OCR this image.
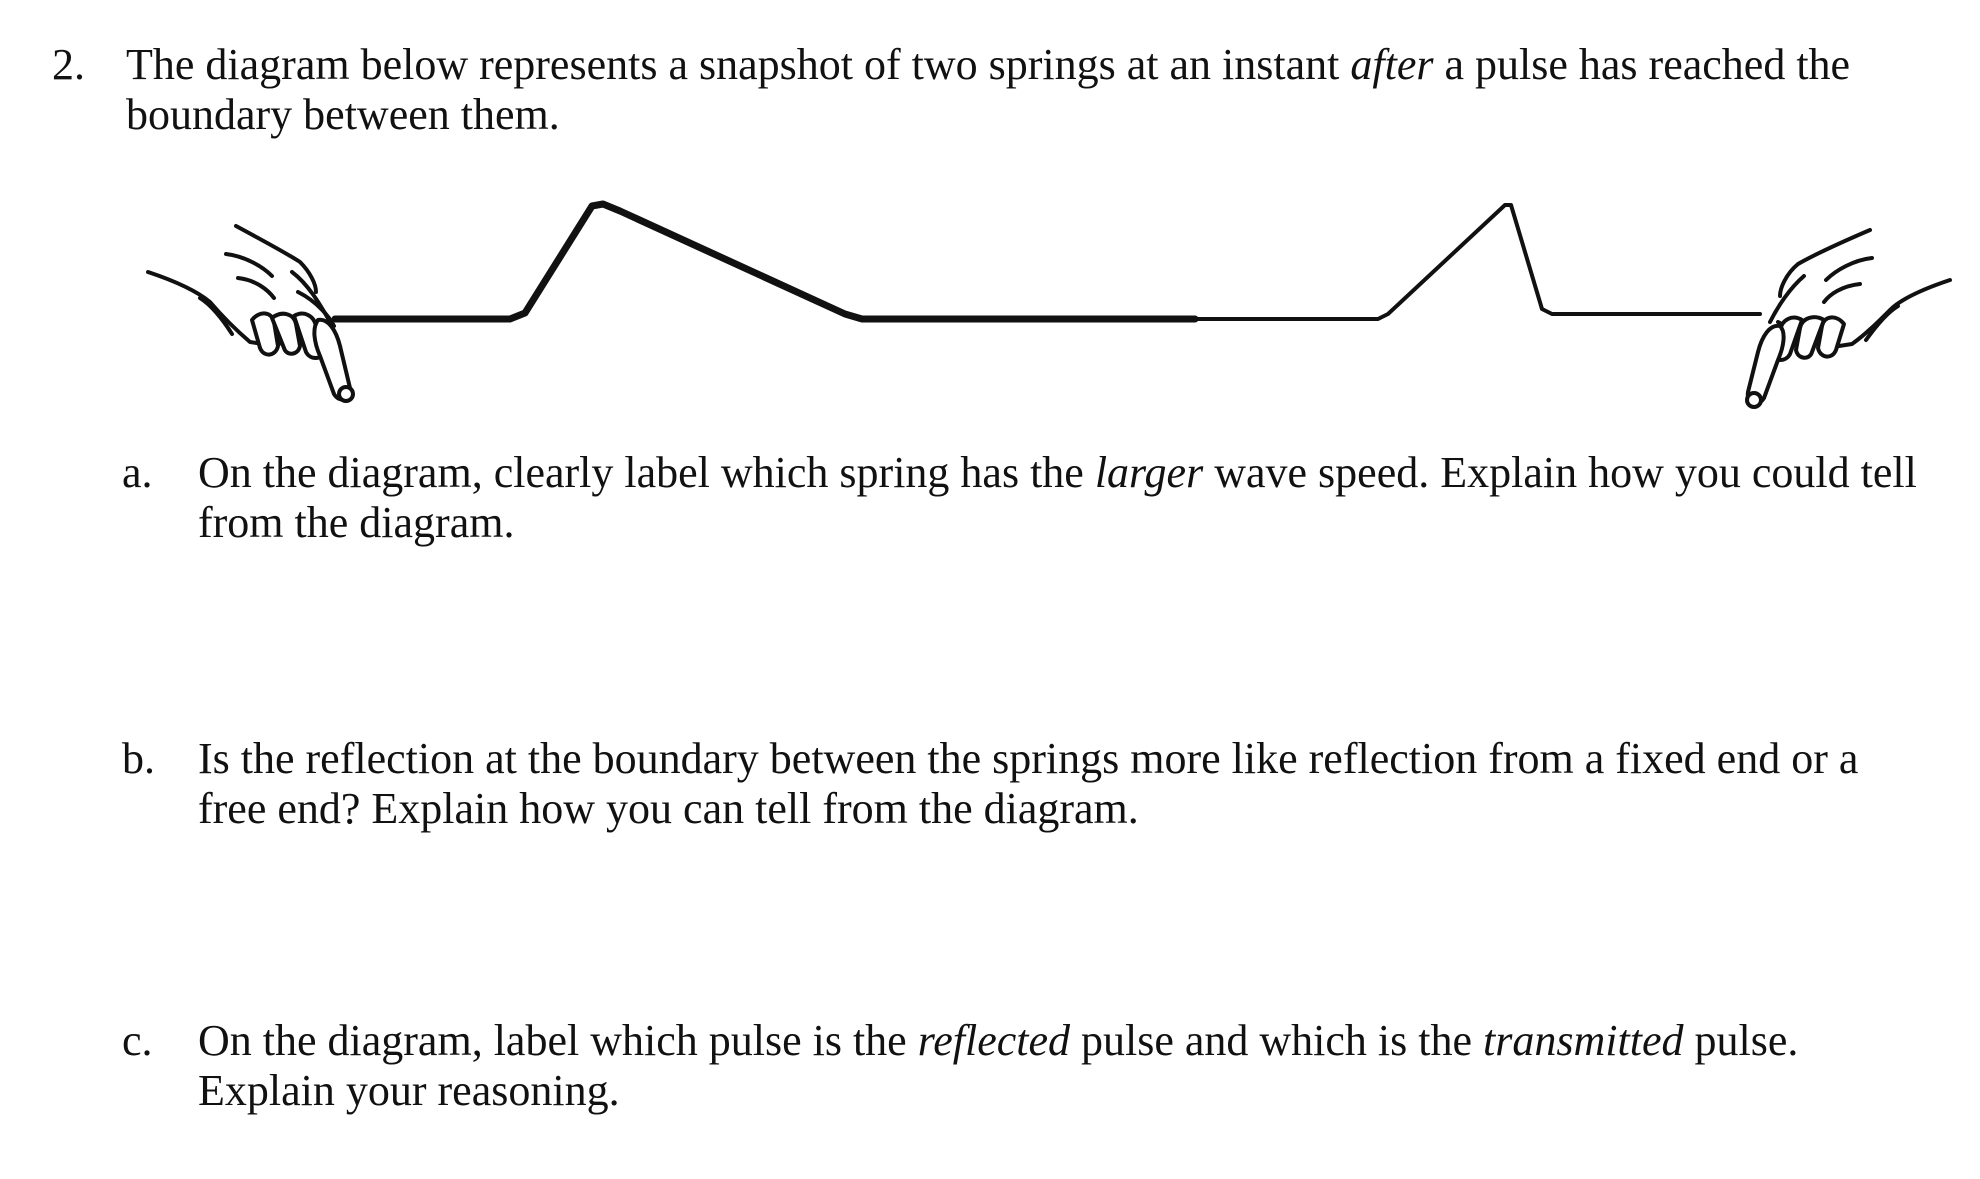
2. The diagram below represents a snapshot of two springs at an instant after a pulse has reached the boundary between them.
a.	On the diagram, clearly label which spring has the larger wave speed. Explain how you could tell from the diagram.
b. Is the reflection at the boundary between the springs more like reflection from a fixed end or a free end? Explain how you can tell from the diagram.
c.	On the diagram, label which pulse is the reflected pulse and which is the transmitted pulse. Explain your reasoning.
